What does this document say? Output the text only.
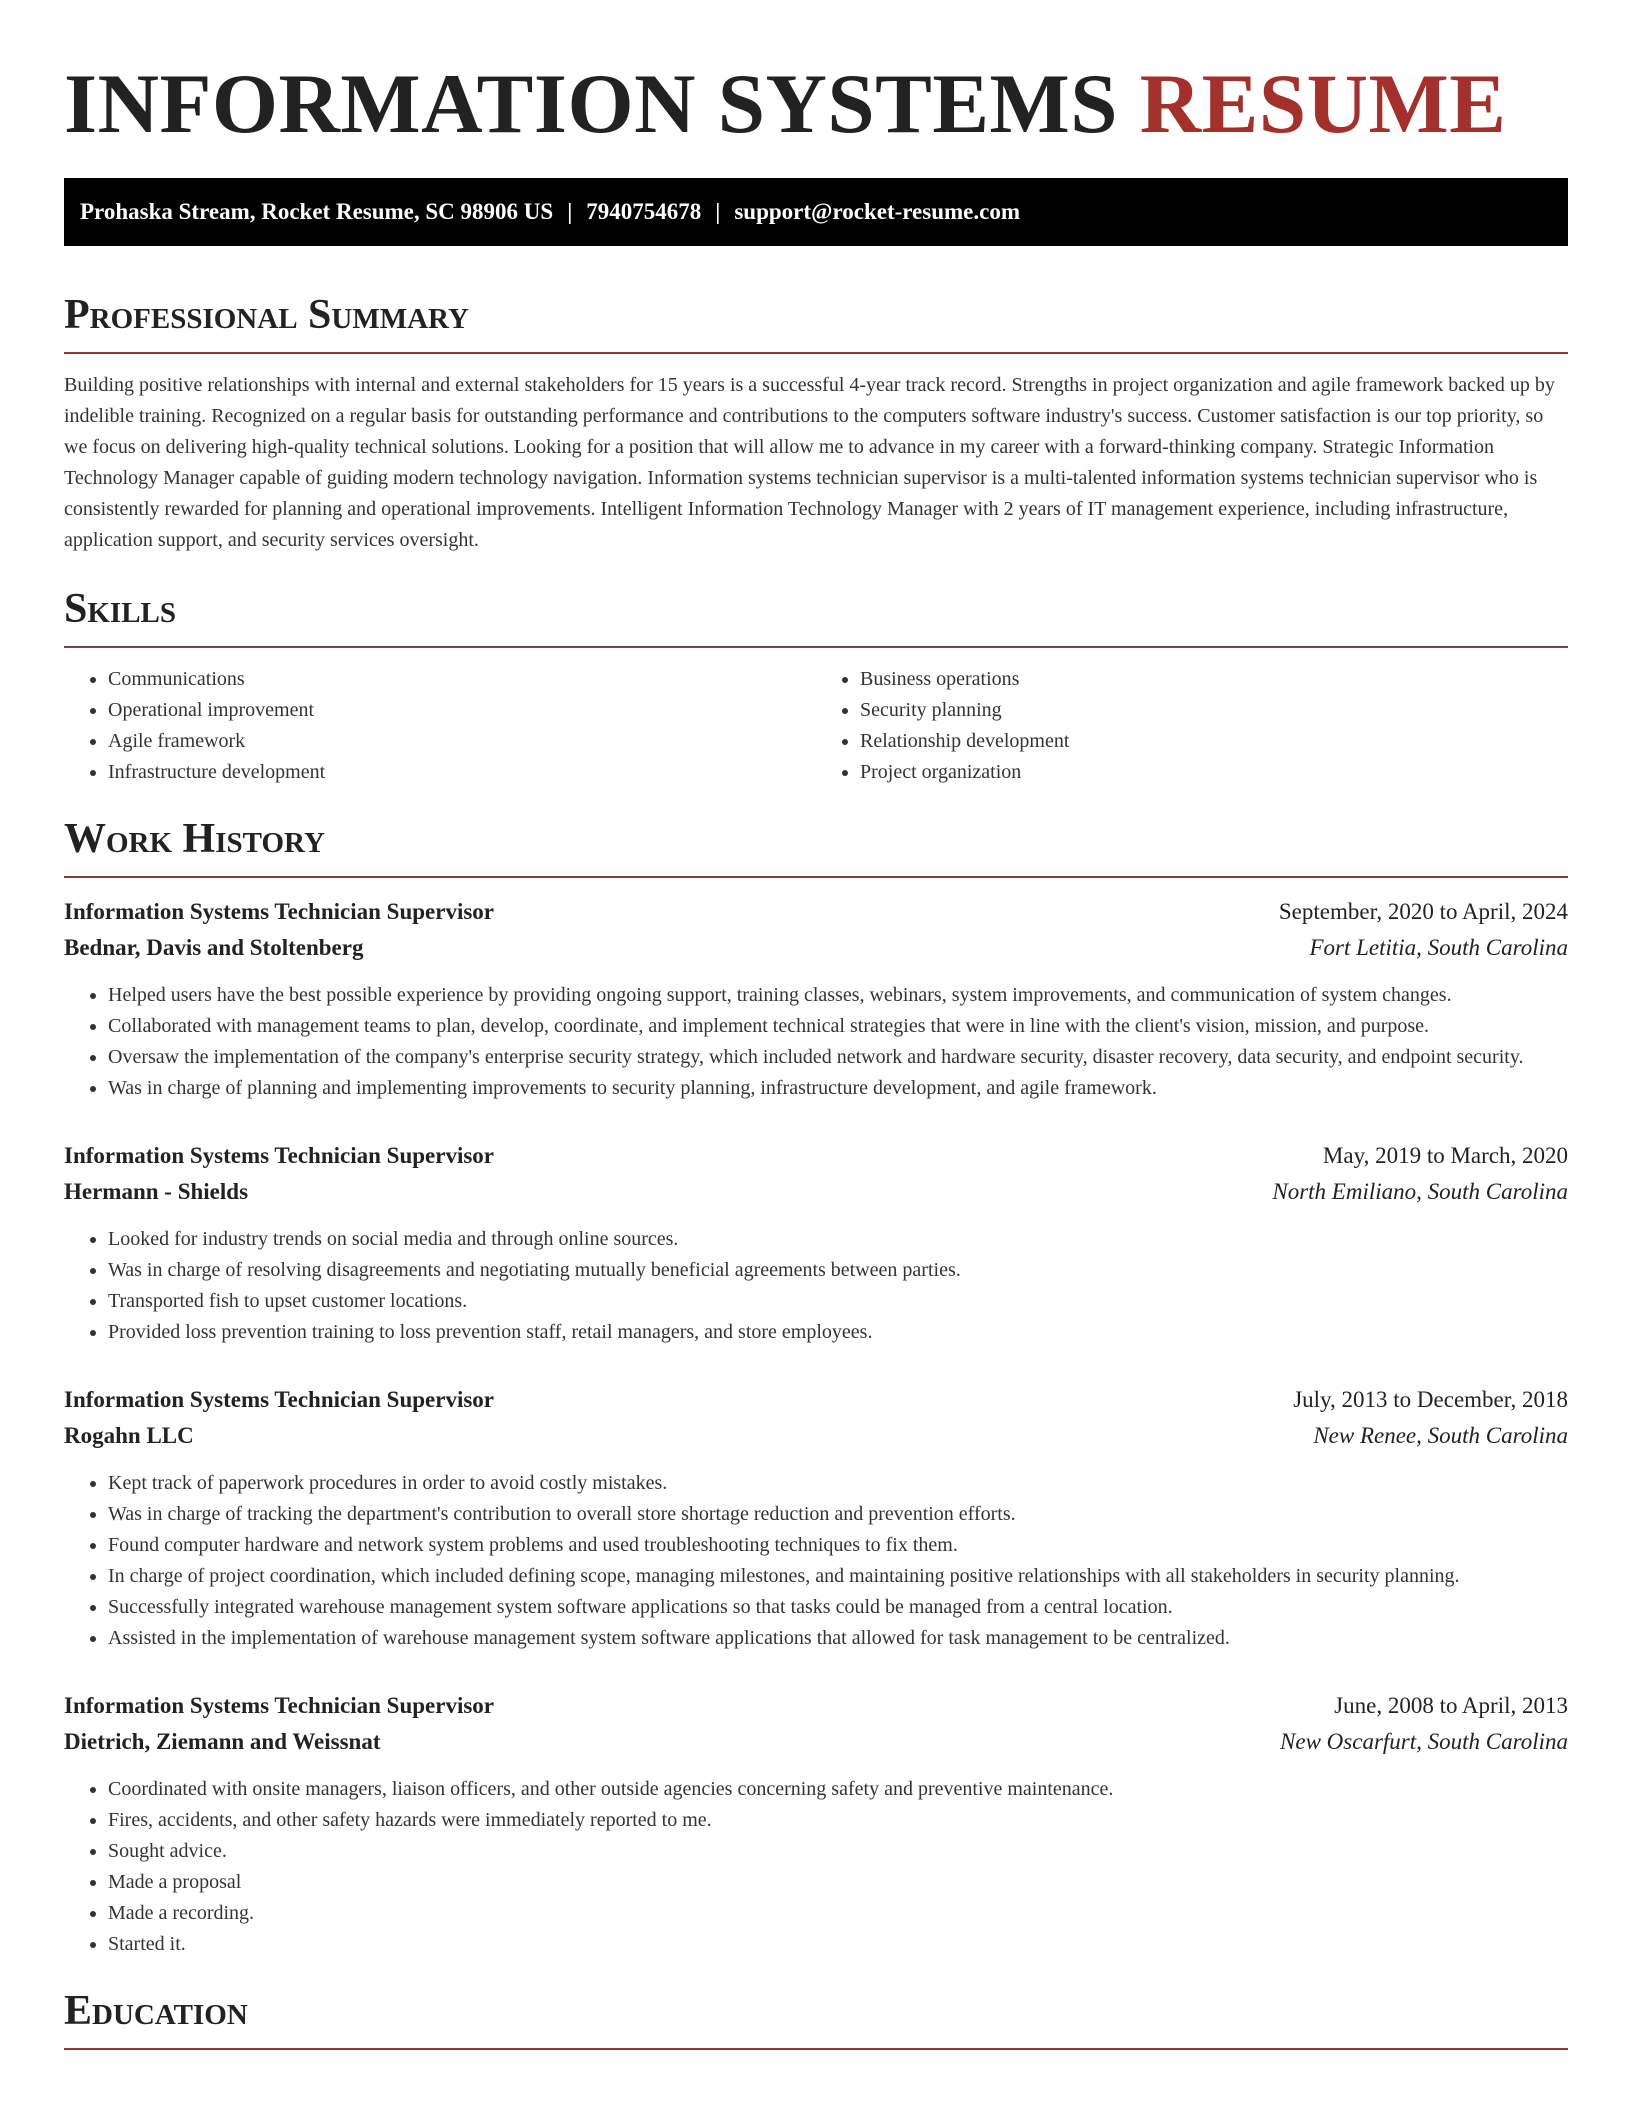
INFORMATION SYSTEMS RESUME
Prohaska Stream, Rocket Resume, SC 98906 US | 7940754678 | support@rocket-resume.com
Professional Summary

Building positive relationships with internal and external stakeholders for 15 years is a successful 4-year track record. Strengths in project organization and agile framework backed up by indelible training. Recognized on a regular basis for outstanding performance and contributions to the computers software industry's success. Customer satisfaction is our top priority, so we focus on delivering high-quality technical solutions. Looking for a position that will allow me to advance in my career with a forward-thinking company. Strategic Information Technology Manager capable of guiding modern technology navigation. Information systems technician supervisor is a multi-talented information systems technician supervisor who is consistently rewarded for planning and operational improvements. Intelligent Information Technology Manager with 2 years of IT management experience, including infrastructure, application support, and security services oversight.

Skills
• Communications
• Operational improvement
• Agile framework
• Infrastructure development
• Business operations
• Security planning
• Relationship development
• Project organization
Work History
Information Systems Technician Supervisor	September, 2020 to April, 2024
Bednar, Davis and Stoltenberg	Fort Letitia, South Carolina
• Helped users have the best possible experience by providing ongoing support, training classes, webinars, system improvements, and communication of system changes.
• Collaborated with management teams to plan, develop, coordinate, and implement technical strategies that were in line with the client's vision, mission, and purpose.
• Oversaw the implementation of the company's enterprise security strategy, which included network and hardware security, disaster recovery, data security, and endpoint security.
• Was in charge of planning and implementing improvements to security planning, infrastructure development, and agile framework.
Information Systems Technician Supervisor	May, 2019 to March, 2020
Hermann - Shields	North Emiliano, South Carolina
• Looked for industry trends on social media and through online sources.
• Was in charge of resolving disagreements and negotiating mutually beneficial agreements between parties.
• Transported fish to upset customer locations.
• Provided loss prevention training to loss prevention staff, retail managers, and store employees.
Information Systems Technician Supervisor	July, 2013 to December, 2018
Rogahn LLC	New Renee, South Carolina
• Kept track of paperwork procedures in order to avoid costly mistakes.
• Was in charge of tracking the department's contribution to overall store shortage reduction and prevention efforts.
• Found computer hardware and network system problems and used troubleshooting techniques to fix them.
• In charge of project coordination, which included defining scope, managing milestones, and maintaining positive relationships with all stakeholders in security planning.
• Successfully integrated warehouse management system software applications so that tasks could be managed from a central location.
• Assisted in the implementation of warehouse management system software applications that allowed for task management to be centralized.
Information Systems Technician Supervisor	June, 2008 to April, 2013
Dietrich, Ziemann and Weissnat	New Oscarfurt, South Carolina
• Coordinated with onsite managers, liaison officers, and other outside agencies concerning safety and preventive maintenance.
• Fires, accidents, and other safety hazards were immediately reported to me.
• Sought advice.
• Made a proposal
• Made a recording.
• Started it.
Education
